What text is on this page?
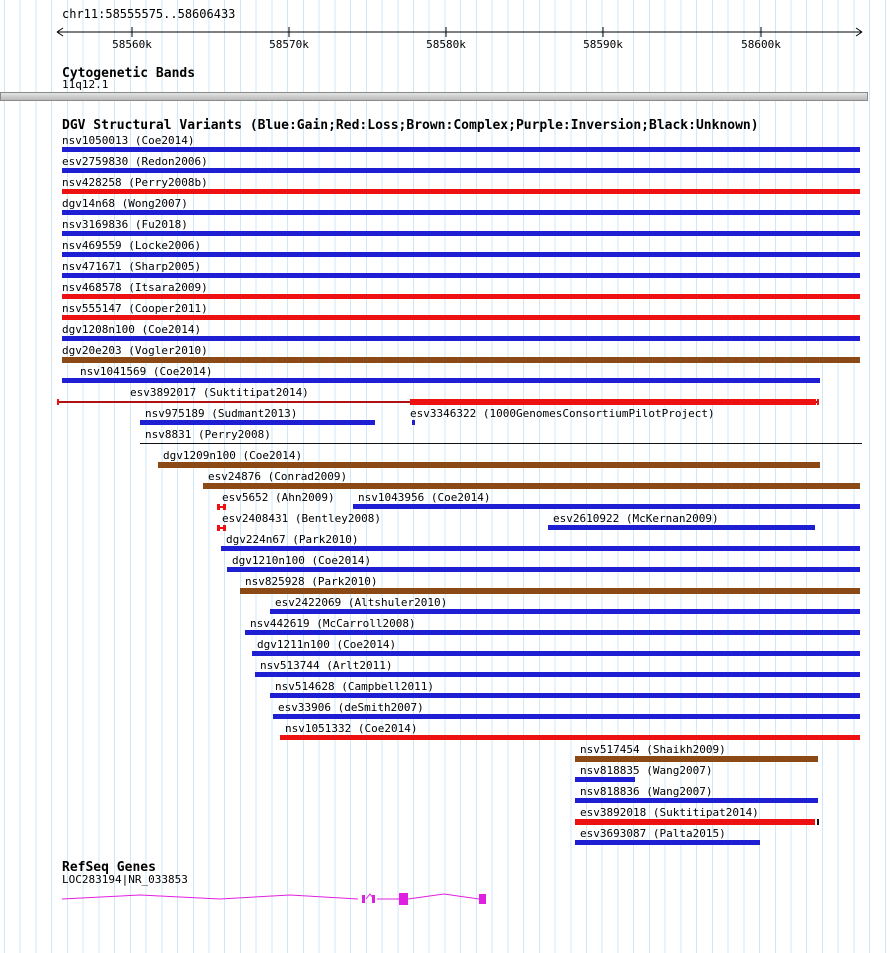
chr11:58555575..58606433
58560k	58570k	58580k	58590k	58600k
Cytogenetic Bands
11q12.1
DGV Structural Variants (Blue:Gain;Red:Loss;Brown:Complex;Purple:Inversion;Black:Unknown)
nsv1050013 (Coe2014)
esv2759830 (Redon2006)
nsv428258 (Perry2008b)
dgv14n68 (Wong2007)
nsv3169836 (Fu2018)
nsv469559 (Locke2006)
nsv471671 (Sharp2005)
nsv468578 (Itsara2009)
nsv555147 (Cooper2011)
dgv1208n100 (Coe2014)
dgv20e203 (Vogler2010)
nsv1041569 (Coe2014)
esv3892017 (Suktitipat2014)
nsv975189 (Sudmant2013)	esv3346322 (1000GenomesConsortiumPilotProject)
nsv8831 (Perry2008)
dgv1209n100 (Coe2014)
esv24876 (Conrad2009)
esv5652 (Ahn2009) nsv1043956 (Coe2014)
esv2408431 (Bentley2008)	esv2610922 (McKernan2009)
dgv224n67 (Park2010)
dgv1210n100 (Coe2014)
nsv825928 (Park2010)
esv2422069 (Altshuler2010)
nsv442619 (McCarroll2008)
dgv1211n100 (Coe2014)
nsv513744 (Arlt2011)
nsv514628 (Campbell2011)
esv33906 (deSmith2007)
nsv1051332 (Coe2014)
nsv517454 (Shaikh2009)
nsv818835 (Wang2007)
nsv818836 (Wang2007)
esv3892018 (Suktitipat2014)
esv3693087 (Palta2015)
RefSeq Genes
LOC283194|NR_033853
